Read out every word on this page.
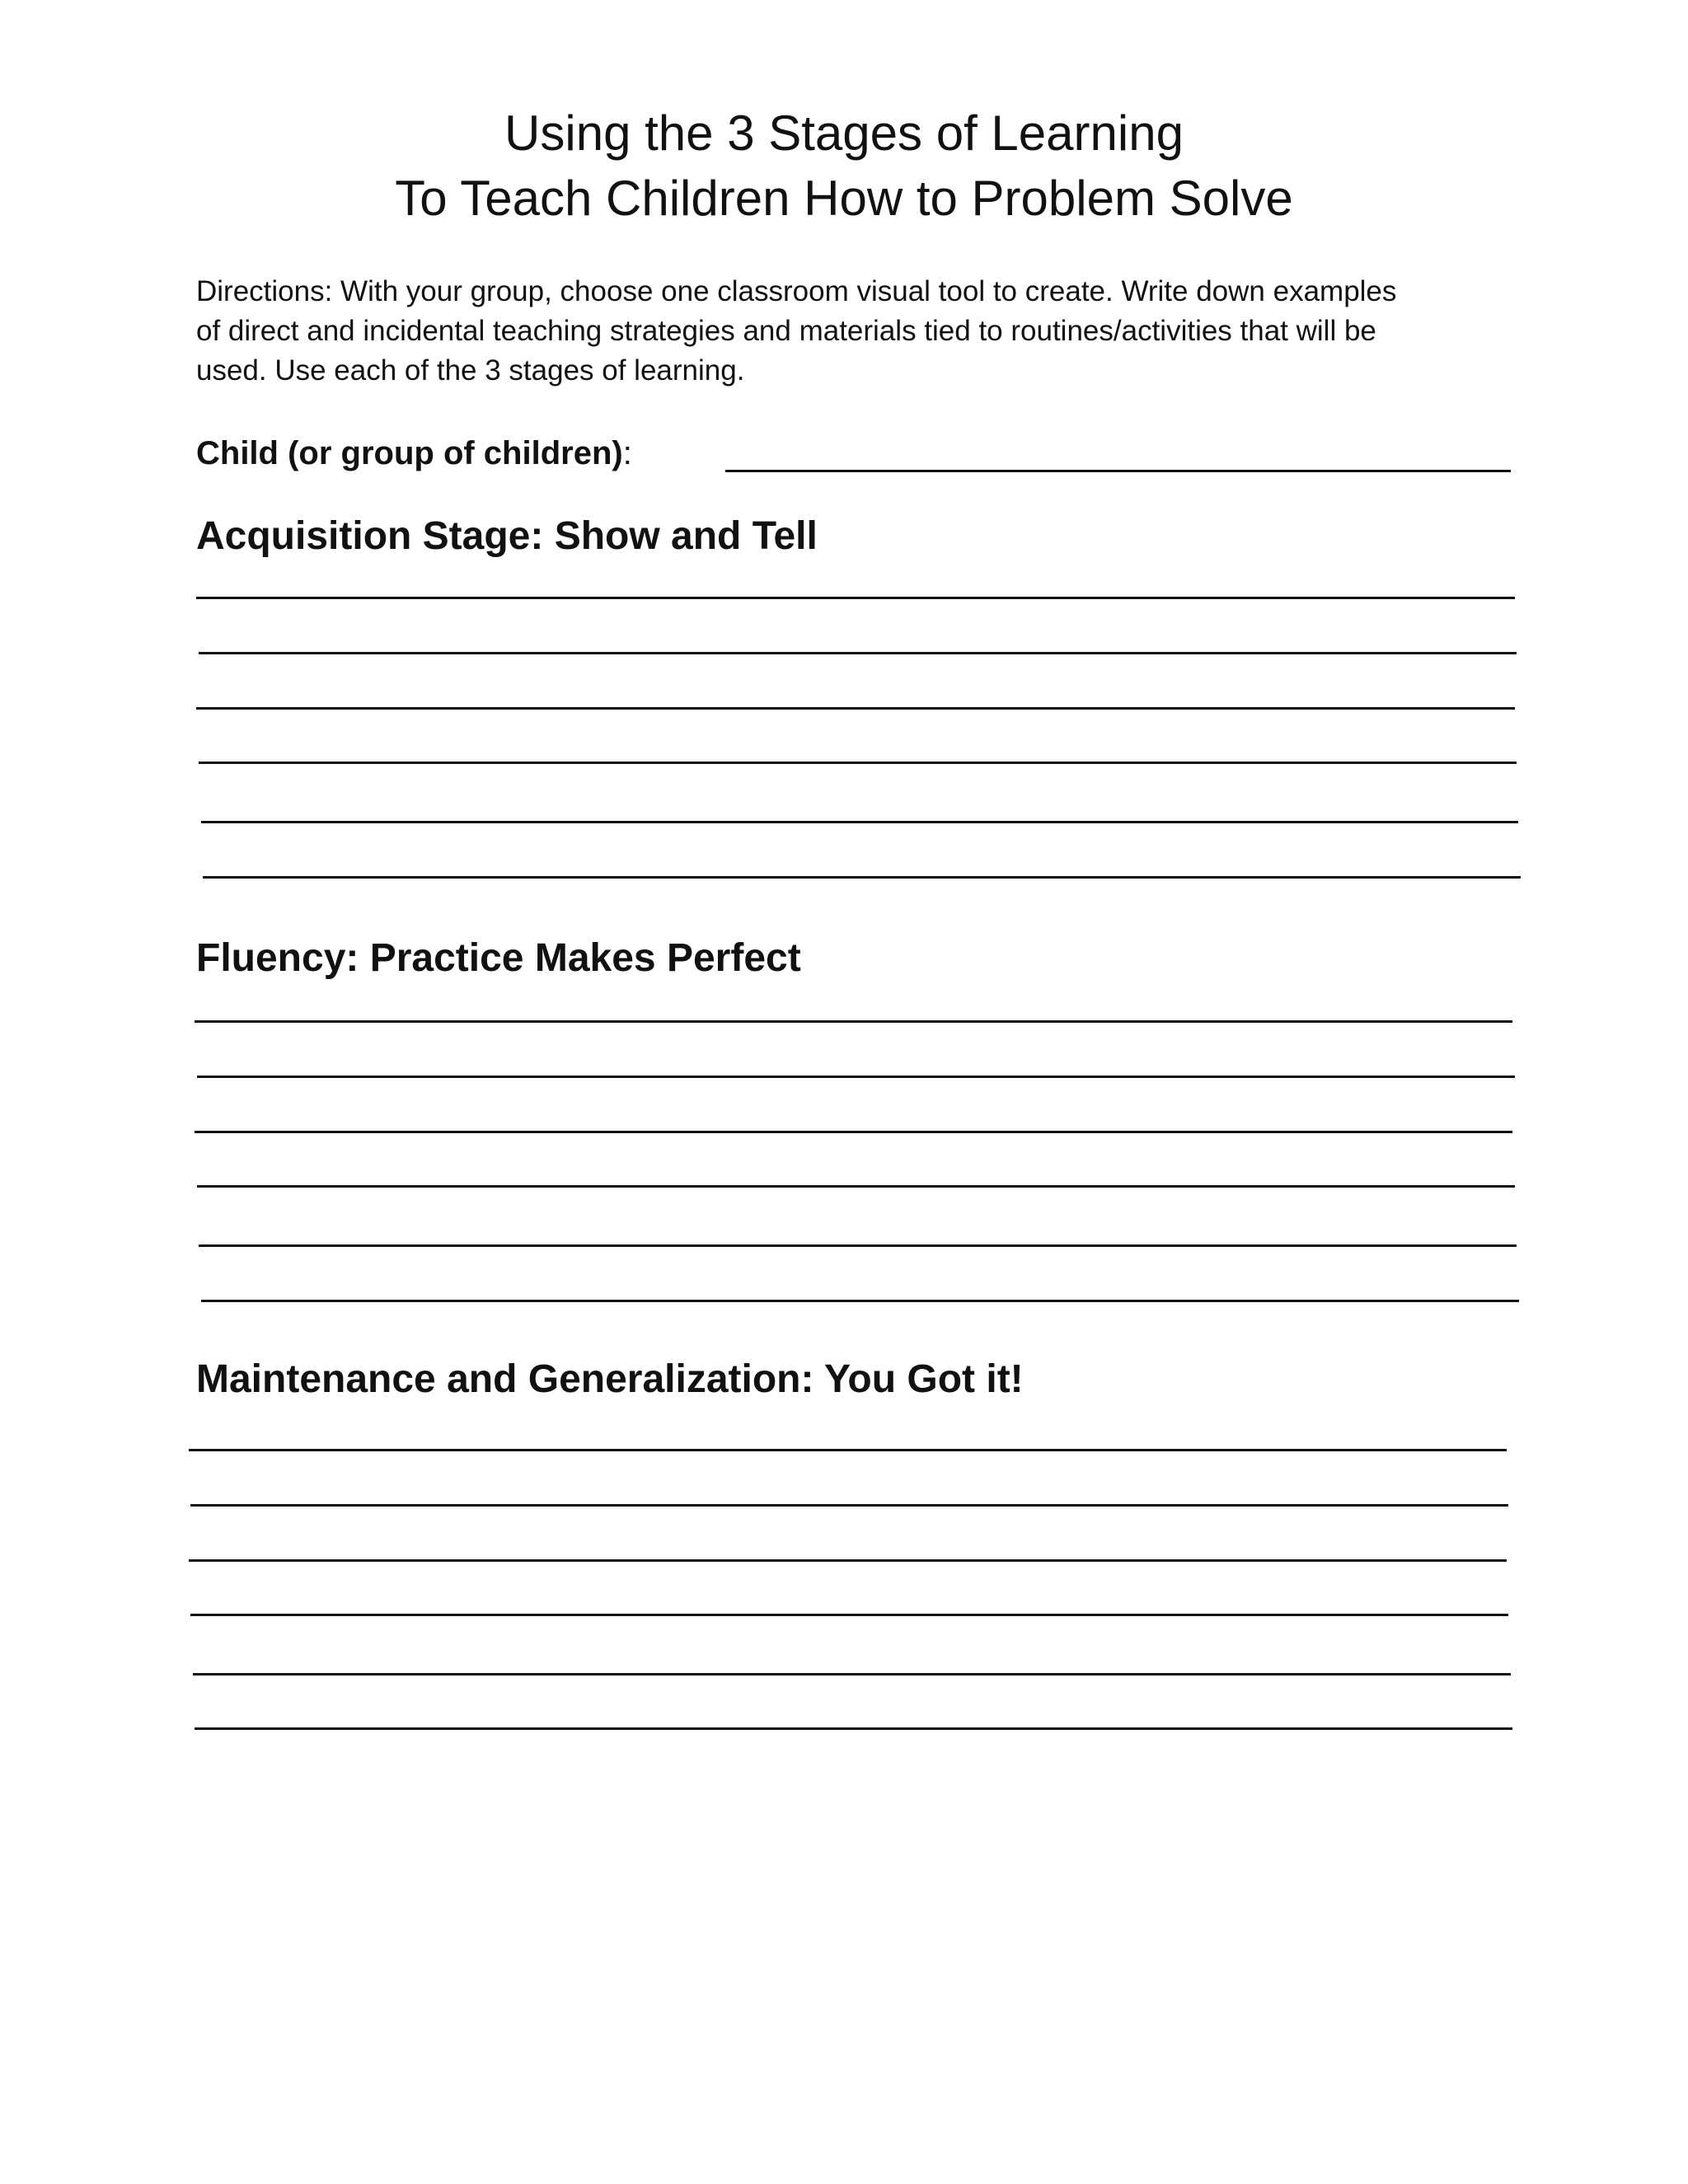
Using the 3 Stages of Learning
To Teach Children How to Problem Solve
Directions: With your group, choose one classroom visual tool to create. Write down examples
of direct and incidental teaching strategies and materials tied to routines/activities that will be
used. Use each of the 3 stages of learning.
Child (or group of children):
Acquisition Stage: Show and Tell
Fluency: Practice Makes Perfect
Maintenance and Generalization: You Got it!
